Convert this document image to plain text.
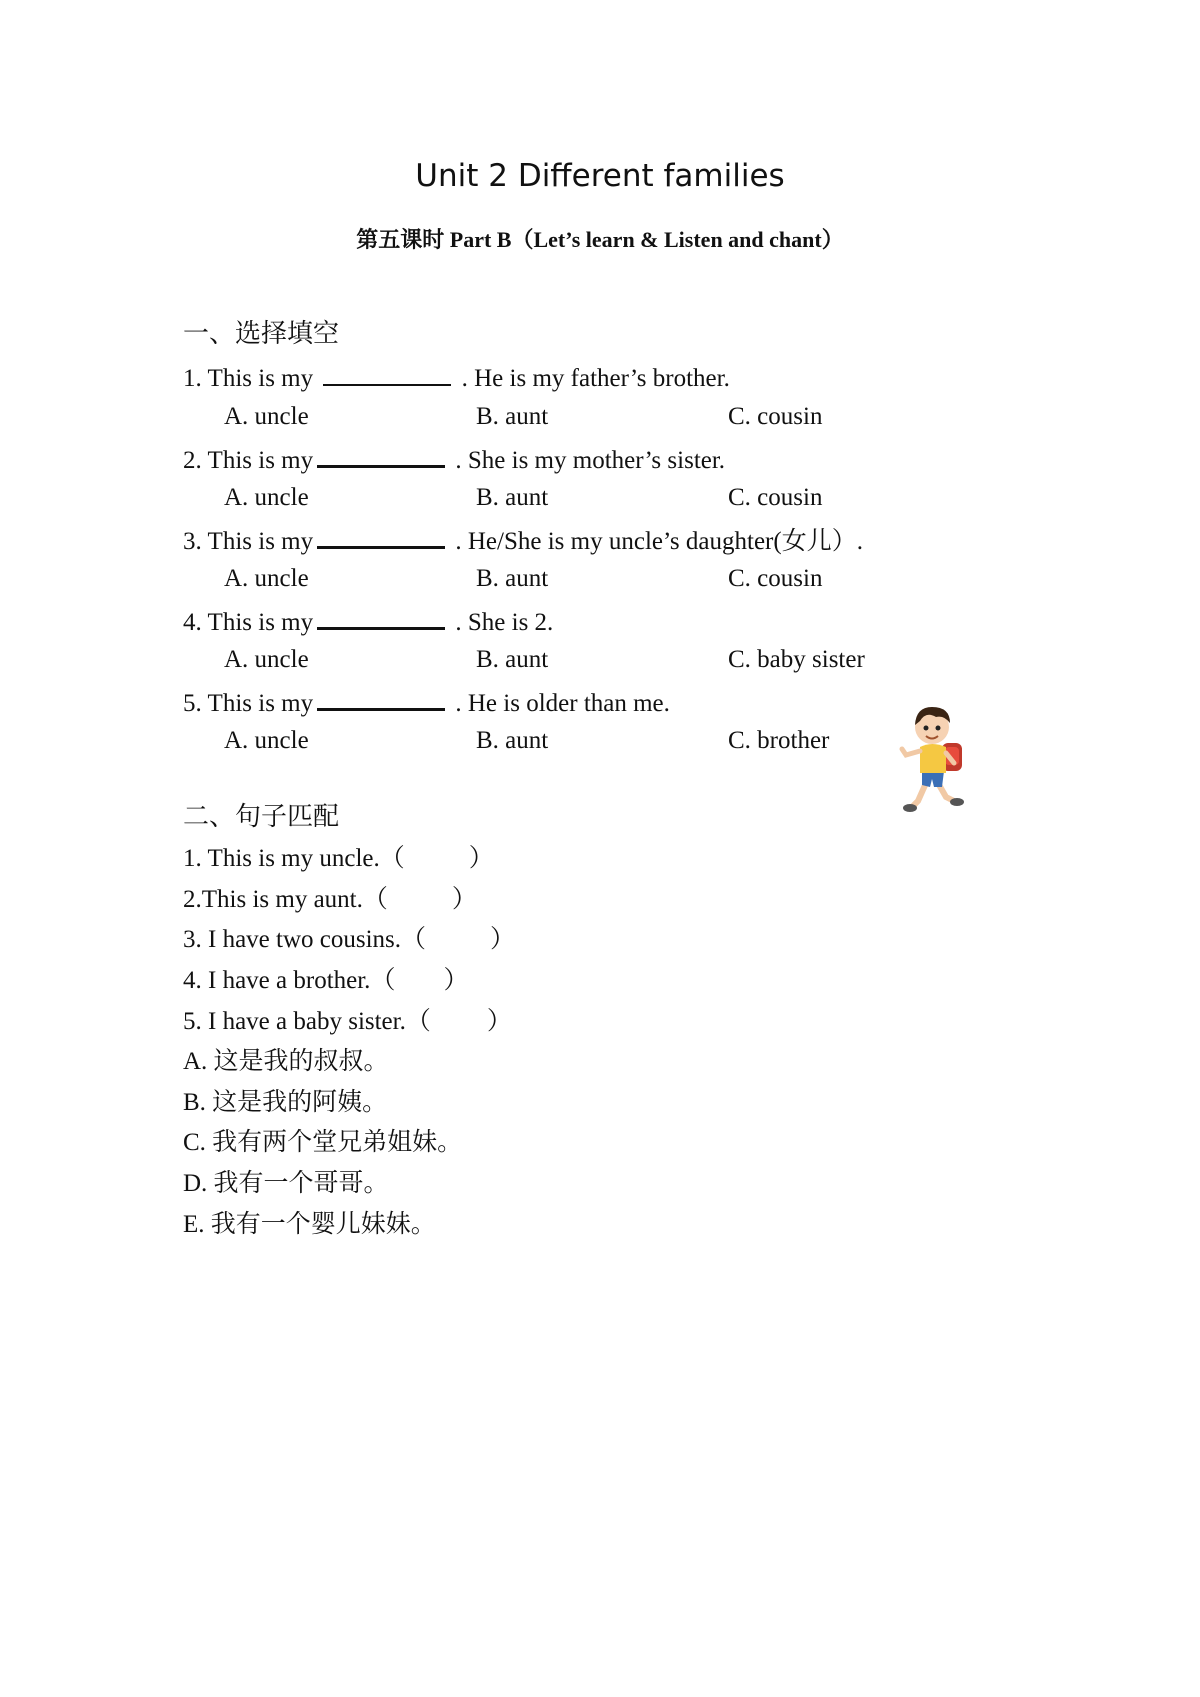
Unit 2 Different families
第五课时 Part B（Let’s learn & Listen and chant）
一、选择填空
1. This is my	. He is my father’s brother.
A. uncle	B. aunt	C. cousin
2. This is my	. She is my mother’s sister.
A. uncle	B. aunt	C. cousin
3. This is my	. He/She is my uncle’s daughter(女儿）.
A. uncle	B. aunt	C. cousin
4. This is my	. She is 2.
A. uncle	B. aunt	C. baby sister
5. This is my	. He is older than me.
A. uncle	B. aunt	C. brother
二、句子匹配
1. This is my uncle.（	）
2.This is my aunt.（	）
3. I have two cousins.（	）
4. I have a brother.（ ）
5. I have a baby sister.（ ）
A. 这是我的叔叔。
B. 这是我的阿姨。
C. 我有两个堂兄弟姐妹。
D. 我有一个哥哥。
E. 我有一个婴儿妹妹。
